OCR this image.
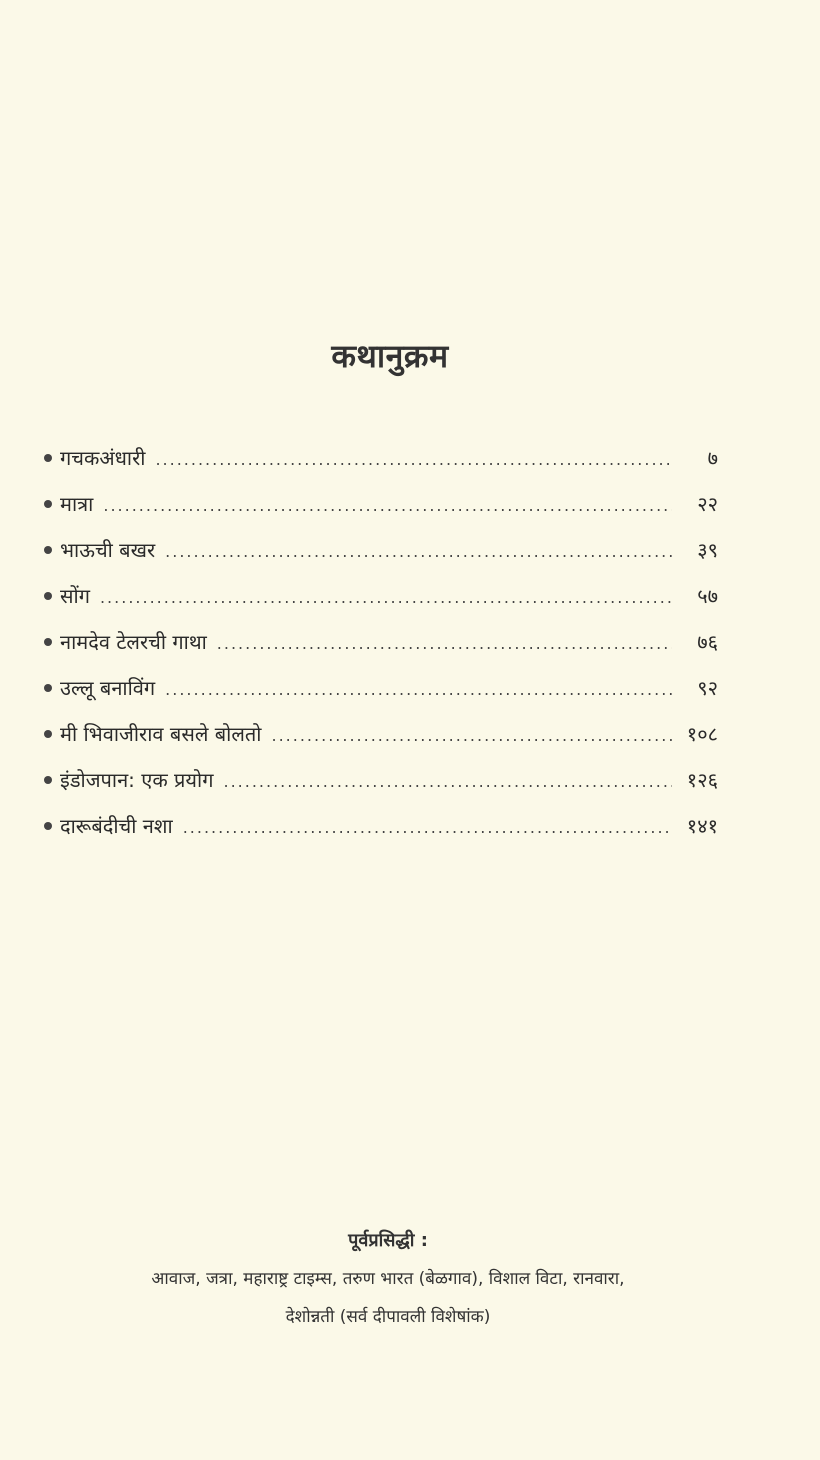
कथानुक्रम
गचकअंधारी .....	७
मात्रा .....	२२
भाऊची बखर .....	३९
सोंग .....	५७
नामदेव टेलरची गाथा .....	७६
उल्लू बनाविंग .....	९२
मी भिवाजीराव बसले बोलतो .....	१०८
इंडोजपान: एक प्रयोग .....	१२६
दारूबंदीची नशा .....	१४१
पूर्वप्रसिद्धी :
आवाज, जत्रा, महाराष्ट्र टाइम्स, तरुण भारत (बेळगाव), विशाल विटा, रानवारा,
देशोन्नती (सर्व दीपावली विशेषांक)
